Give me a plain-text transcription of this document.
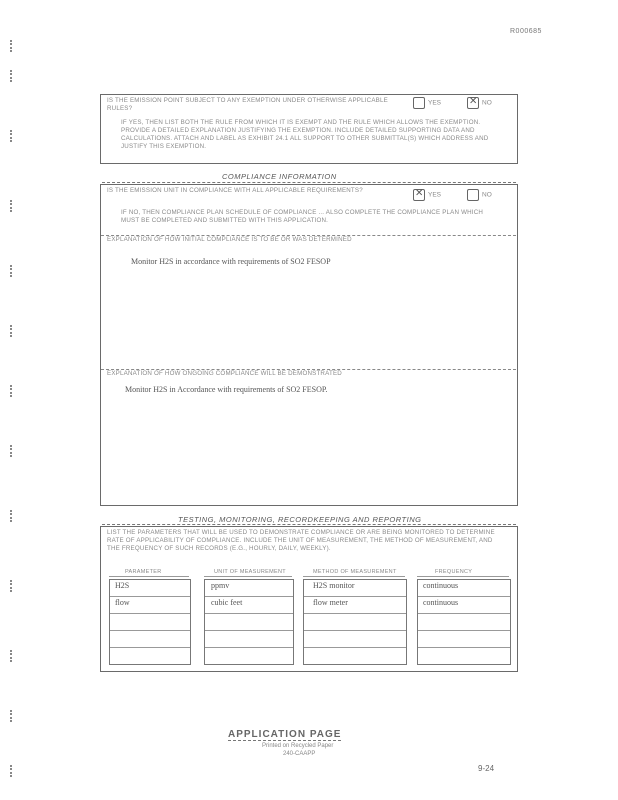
R000685
IS THE EMISSION POINT SUBJECT TO ANY EXEMPTION UNDER OTHERWISE APPLICABLE RULES?
YES
✕	NO
IF YES, THEN LIST BOTH THE RULE FROM WHICH IT IS EXEMPT AND THE RULE WHICH ALLOWS THE EXEMPTION. PROVIDE A DETAILED EXPLANATION JUSTIFYING THE EXEMPTION. INCLUDE DETAILED SUPPORTING DATA AND CALCULATIONS. ATTACH AND LABEL AS EXHIBIT 24.1 ALL SUPPORT TO OTHER SUBMITTAL(S) WHICH ADDRESS AND JUSTIFY THIS EXEMPTION.
COMPLIANCE INFORMATION
IS THE EMISSION UNIT IN COMPLIANCE WITH ALL APPLICABLE REQUIREMENTS?
✕YES	NO
IF NO, THEN COMPLIANCE PLAN SCHEDULE OF COMPLIANCE ... ALSO COMPLETE THE COMPLIANCE PLAN WHICH MUST BE COMPLETED AND SUBMITTED WITH THIS APPLICATION.
EXPLANATION OF HOW INITIAL COMPLIANCE IS TO BE OR WAS DETERMINED
Monitor H2S in accordance with requirements of SO2 FESOP
EXPLANATION OF HOW ONGOING COMPLIANCE WILL BE DEMONSTRATED
Monitor H2S in Accordance with requirements of SO2 FESOP.
TESTING, MONITORING, RECORDKEEPING AND REPORTING
LIST THE PARAMETERS THAT WILL BE USED TO DEMONSTRATE COMPLIANCE OR ARE BEING MONITORED TO DETERMINE RATE OF APPLICABILITY OF COMPLIANCE. INCLUDE THE UNIT OF MEASUREMENT, THE METHOD OF MEASUREMENT, AND THE FREQUENCY OF SUCH RECORDS (E.G., HOURLY, DAILY, WEEKLY).
PARAMETER	UNIT OF MEASUREMENT	METHOD OF MEASUREMENT	FREQUENCY
H2S	ppmv	H2S monitor	continuous
flow	cubic feet	flow meter	continuous
APPLICATION PAGE
Printed on Recycled Paper
240-CAAPP
9-24
